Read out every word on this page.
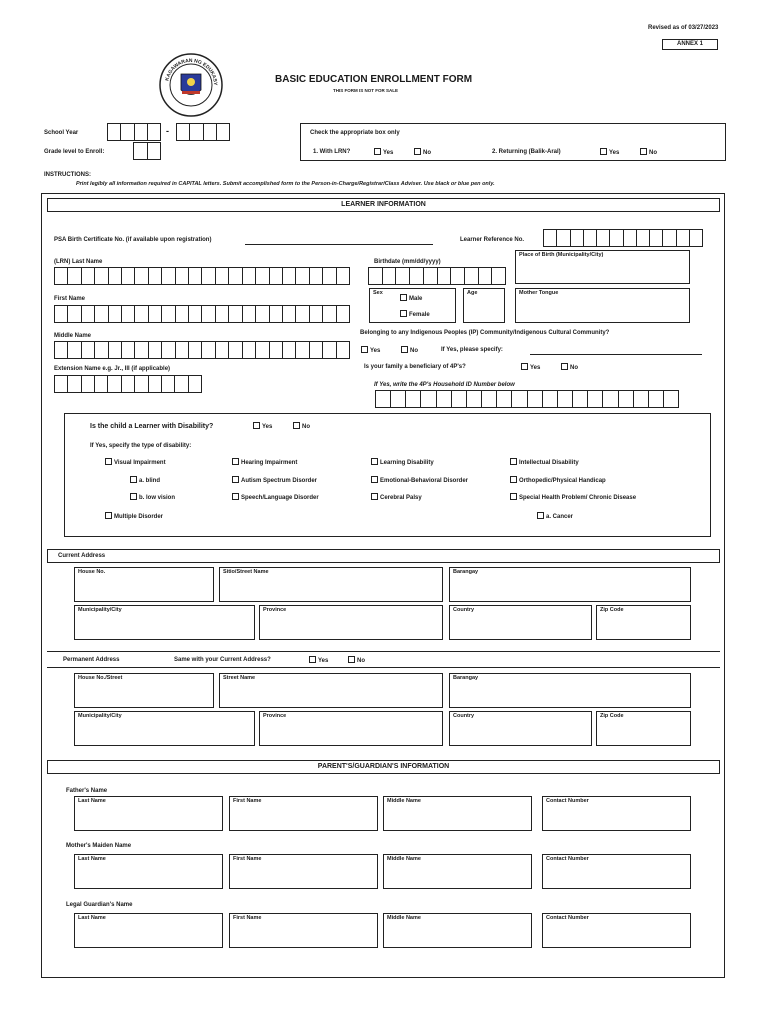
Revised as of 03/27/2023
ANNEX 1
KAGAWARAN NG EDUKASY	BASIC EDUCATION ENROLLMENT FORM
THIS FORM IS NOT FOR SALE
School Year	-
Grade level to Enroll:
Check the appropriate box only
1. With LRN?	Yes	No	2. Returning (Balik-Aral)	Yes	No
INSTRUCTIONS:
Print legibly all information required in CAPITAL letters. Submit accomplished form to the Person-in-Charge/Registrar/Class Adviser. Use black or blue pen only.
LEARNER INFORMATION
PSA Birth Certificate No. (if available upon registration)	Learner Reference No.
(LRN) Last Name	Birthdate (mm/dd/yyyy)
Place of Birth (Municipality/City)
First Name
Sex
Male
Female
Age	Mother Tongue
Middle Name	Belonging to any Indigenous Peoples (IP) Community/Indigenous Cultural Community?
Yes	No	If Yes, please specify:
Extension Name e.g. Jr., III (if applicable)	Is your family a beneficiary of 4P's?	Yes	No
If Yes, write the 4P's Household ID Number below
Is the child a Learner with Disability?	Yes	No
If Yes, specify the type of disability:
Visual Impairment
a. blind
b. low vision
Multiple Disorder
Hearing Impairment
Autism Spectrum Disorder
Speech/Language Disorder
Learning Disability
Emotional-Behavioral Disorder
Cerebral Palsy
Intellectual Disability
Orthopedic/Physical Handicap
Special Health Problem/ Chronic Disease
a. Cancer
Current Address
House No.	Sitio/Street Name	Barangay
Municipality/City	Province	Country	Zip Code
Permanent Address	Same with your Current Address?	Yes	No
House No./Street	Street Name	Barangay
Municipality/City	Province	Country	Zip Code
PARENT'S/GUARDIAN'S INFORMATION
Father's Name
Last Name	First Name	Middle Name	Contact Number
Mother's Maiden Name
Last Name	First Name	Middle Name	Contact Number
Legal Guardian's Name
Last Name	First Name	Middle Name	Contact Number
